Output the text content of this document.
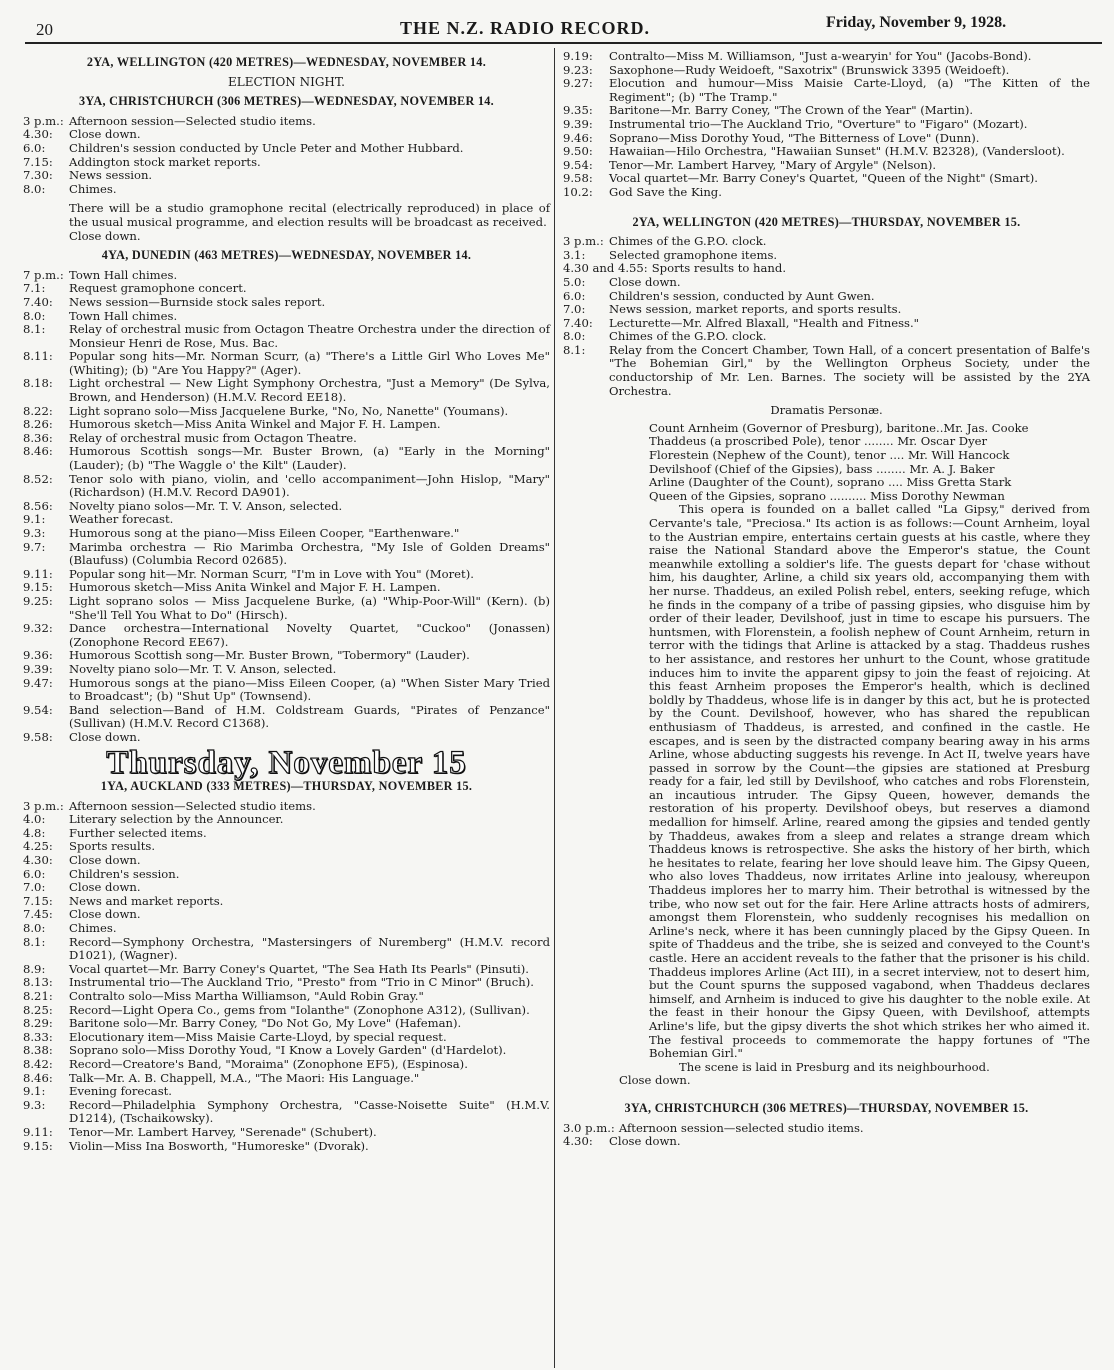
20	THE N.Z. RADIO RECORD.	Friday, November 9, 1928.
2YA, WELLINGTON (420 METRES)—WEDNESDAY, NOVEMBER 14.
ELECTION NIGHT.
3YA, CHRISTCHURCH (306 METRES)—WEDNESDAY, NOVEMBER 14.
3 p.m.: Afternoon session—Selected studio items.
4.30:	Close down.
6.0:	Children's session conducted by Uncle Peter and Mother Hubbard.
7.15:	Addington stock market reports.
7.30:	News session.
8.0:	Chimes.
There will be a studio gramophone recital (electrically reproduced) in place of the usual musical programme, and election results will be broadcast as received.
Close down.
4YA, DUNEDIN (463 METRES)—WEDNESDAY, NOVEMBER 14.
7 p.m.: Town Hall chimes.
7.1:	Request gramophone concert.
7.40:	News session—Burnside stock sales report.
8.0:	Town Hall chimes.
8.1:	Relay of orchestral music from Octagon Theatre Orchestra under the direction of Monsieur Henri de Rose, Mus. Bac.
8.11:	Popular song hits—Mr. Norman Scurr, (a) "There's a Little Girl Who Loves Me" (Whiting); (b) "Are You Happy?" (Ager).
8.18:	Light orchestral — New Light Symphony Orchestra, "Just a Memory" (De Sylva, Brown, and Henderson) (H.M.V. Record EE18).
8.22:	Light soprano solo—Miss Jacquelene Burke, "No, No, Nanette" (Youmans).
8.26:	Humorous sketch—Miss Anita Winkel and Major F. H. Lampen.
8.36:	Relay of orchestral music from Octagon Theatre.
8.46:	Humorous Scottish songs—Mr. Buster Brown, (a) "Early in the Morning" (Lauder); (b) "The Waggle o' the Kilt" (Lauder).
8.52:	Tenor solo with piano, violin, and 'cello accompaniment—John Hislop, "Mary" (Richardson) (H.M.V. Record DA901).
8.56:	Novelty piano solos—Mr. T. V. Anson, selected.
9.1:	Weather forecast.
9.3:	Humorous song at the piano—Miss Eileen Cooper, "Earthenware."
9.7:	Marimba orchestra — Rio Marimba Orchestra, "My Isle of Golden Dreams" (Blaufuss) (Columbia Record 02685).
9.11:	Popular song hit—Mr. Norman Scurr, "I'm in Love with You" (Moret).
9.15:	Humorous sketch—Miss Anita Winkel and Major F. H. Lampen.
9.25:	Light soprano solos — Miss Jacquelene Burke, (a) "Whip-Poor-Will" (Kern). (b) "She'll Tell You What to Do" (Hirsch).
9.32:	Dance orchestra—International Novelty Quartet, "Cuckoo" (Jonassen) (Zonophone Record EE67).
9.36:	Humorous Scottish song—Mr. Buster Brown, "Tobermory" (Lauder).
9.39:	Novelty piano solo—Mr. T. V. Anson, selected.
9.47:	Humorous songs at the piano—Miss Eileen Cooper, (a) "When Sister Mary Tried to Broadcast"; (b) "Shut Up" (Townsend).
9.54:	Band selection—Band of H.M. Coldstream Guards, "Pirates of Penzance" (Sullivan) (H.M.V. Record C1368).
9.58:	Close down.
Thursday, November 15
1YA, AUCKLAND (333 METRES)—THURSDAY, NOVEMBER 15.
3 p.m.: Afternoon session—Selected studio items.
4.0:	Literary selection by the Announcer.
4.8:	Further selected items.
4.25:	Sports results.
4.30:	Close down.
6.0:	Children's session.
7.0:	Close down.
7.15:	News and market reports.
7.45:	Close down.
8.0:	Chimes.
8.1:	Record—Symphony Orchestra, "Mastersingers of Nuremberg" (H.M.V. record D1021), (Wagner).
8.9:	Vocal quartet—Mr. Barry Coney's Quartet, "The Sea Hath Its Pearls" (Pinsuti).
8.13:	Instrumental trio—The Auckland Trio, "Presto" from "Trio in C Minor" (Bruch).
8.21:	Contralto solo—Miss Martha Williamson, "Auld Robin Gray."
8.25:	Record—Light Opera Co., gems from "Iolanthe" (Zonophone A312), (Sullivan).
8.29:	Baritone solo—Mr. Barry Coney, "Do Not Go, My Love" (Hafeman).
8.33:	Elocutionary item—Miss Maisie Carte-Lloyd, by special request.
8.38:	Soprano solo—Miss Dorothy Youd, "I Know a Lovely Garden" (d'Hardelot).
8.42:	Record—Creatore's Band, "Moraima" (Zonophone EF5), (Espinosa).
8.46:	Talk—Mr. A. B. Chappell, M.A., "The Maori: His Language."
9.1:	Evening forecast.
9.3:	Record—Philadelphia Symphony Orchestra, "Casse-Noisette Suite" (H.M.V. D1214), (Tschaikowsky).
9.11:	Tenor—Mr. Lambert Harvey, "Serenade" (Schubert).
9.15:	Violin—Miss Ina Bosworth, "Humoreske" (Dvorak).
9.19:	Contralto—Miss M. Williamson, "Just a-wearyin' for You" (Jacobs-Bond).
9.23:	Saxophone—Rudy Weidoeft, "Saxotrix" (Brunswick 3395 (Weidoeft).
9.27:	Elocution and humour—Miss Maisie Carte-Lloyd, (a) "The Kitten of the Regiment"; (b) "The Tramp."
9.35:	Baritone—Mr. Barry Coney, "The Crown of the Year" (Martin).
9.39:	Instrumental trio—The Auckland Trio, "Overture" to "Figaro" (Mozart).
9.46:	Soprano—Miss Dorothy Youd, "The Bitterness of Love" (Dunn).
9.50:	Hawaiian—Hilo Orchestra, "Hawaiian Sunset" (H.M.V. B2328), (Vandersloot).
9.54:	Tenor—Mr. Lambert Harvey, "Mary of Argyle" (Nelson).
9.58:	Vocal quartet—Mr. Barry Coney's Quartet, "Queen of the Night" (Smart).
10.2:	God Save the King.
2YA, WELLINGTON (420 METRES)—THURSDAY, NOVEMBER 15.
3 p.m.: Chimes of the G.P.O. clock.
3.1:	Selected gramophone items.
4.30 and 4.55: Sports results to hand.
5.0:	Close down.
6.0:	Children's session, conducted by Aunt Gwen.
7.0:	News session, market reports, and sports results.
7.40:	Lecturette—Mr. Alfred Blaxall, "Health and Fitness."
8.0:	Chimes of the G.P.O. clock.
8.1:	Relay from the Concert Chamber, Town Hall, of a concert presentation of Balfe's "The Bohemian Girl," by the Wellington Orpheus Society, under the conductorship of Mr. Len. Barnes. The society will be assisted by the 2YA Orchestra.
Dramatis Personæ.
Count Arnheim (Governor of Presburg), baritone..Mr. Jas. Cooke
Thaddeus (a proscribed Pole), tenor ........ Mr. Oscar Dyer
Florestein (Nephew of the Count), tenor .... Mr. Will Hancock
Devilshoof (Chief of the Gipsies), bass ........ Mr. A. J. Baker
Arline (Daughter of the Count), soprano .... Miss Gretta Stark
Queen of the Gipsies, soprano .......... Miss Dorothy Newman
This opera is founded on a ballet called "La Gipsy," derived from Cervante's tale, "Preciosa." Its action is as follows:—Count Arnheim, loyal to the Austrian empire, entertains certain guests at his castle, where they raise the National Standard above the Emperor's statue, the Count meanwhile extolling a soldier's life. The guests depart for 'chase without him, his daughter, Arline, a child six years old, accompanying them with her nurse. Thaddeus, an exiled Polish rebel, enters, seeking refuge, which he finds in the company of a tribe of passing gipsies, who disguise him by order of their leader, Devilshoof, just in time to escape his pursuers. The huntsmen, with Florenstein, a foolish nephew of Count Arnheim, return in terror with the tidings that Arline is attacked by a stag. Thaddeus rushes to her assistance, and restores her unhurt to the Count, whose gratitude induces him to invite the apparent gipsy to join the feast of rejoicing. At this feast Arnheim proposes the Emperor's health, which is declined boldly by Thaddeus, whose life is in danger by this act, but he is protected by the Count. Devilshoof, however, who has shared the republican enthusiasm of Thaddeus, is arrested, and confined in the castle. He escapes, and is seen by the distracted company bearing away in his arms Arline, whose abducting suggests his revenge. In Act II, twelve years have passed in sorrow by the Count—the gipsies are stationed at Presburg ready for a fair, led still by Devilshoof, who catches and robs Florenstein, an incautious intruder. The Gipsy Queen, however, demands the restoration of his property. Devilshoof obeys, but reserves a diamond medallion for himself. Arline, reared among the gipsies and tended gently by Thaddeus, awakes from a sleep and relates a strange dream which Thaddeus knows is retrospective. She asks the history of her birth, which he hesitates to relate, fearing her love should leave him. The Gipsy Queen, who also loves Thaddeus, now irritates Arline into jealousy, whereupon Thaddeus implores her to marry him. Their betrothal is witnessed by the tribe, who now set out for the fair. Here Arline attracts hosts of admirers, amongst them Florenstein, who suddenly recognises his medallion on Arline's neck, where it has been cunningly placed by the Gipsy Queen. In spite of Thaddeus and the tribe, she is seized and conveyed to the Count's castle. Here an accident reveals to the father that the prisoner is his child. Thaddeus implores Arline (Act III), in a secret interview, not to desert him, but the Count spurns the supposed vagabond, when Thaddeus declares himself, and Arnheim is induced to give his daughter to the noble exile. At the feast in their honour the Gipsy Queen, with Devilshoof, attempts Arline's life, but the gipsy diverts the shot which strikes her who aimed it. The festival proceeds to commemorate the happy fortunes of "The Bohemian Girl."
The scene is laid in Presburg and its neighbourhood.
Close down.
3YA, CHRISTCHURCH (306 METRES)—THURSDAY, NOVEMBER 15.
3.0 p.m.: Afternoon session—selected studio items.
4.30:	Close down.
